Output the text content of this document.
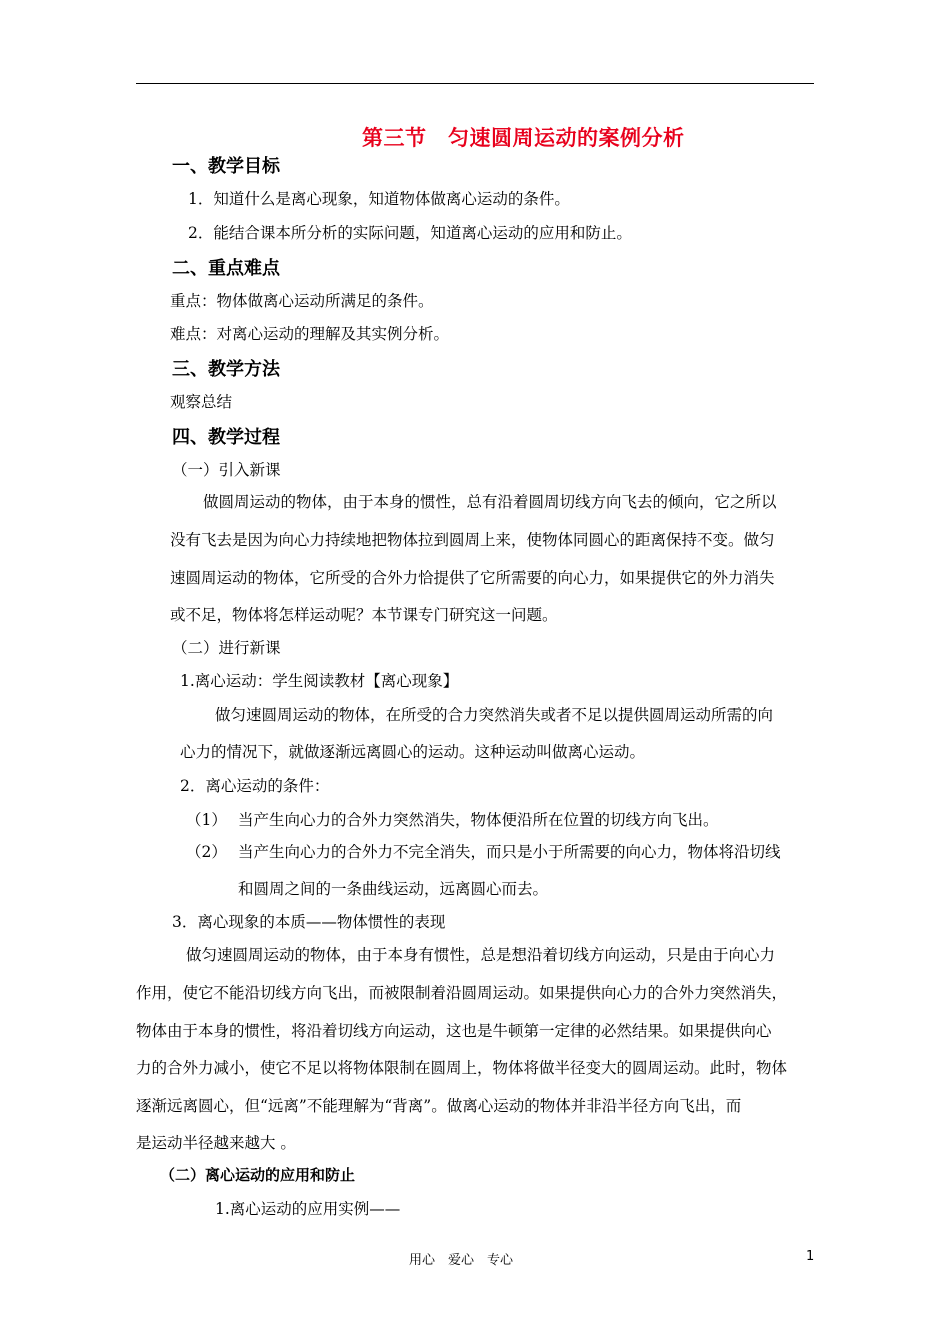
第三节　匀速圆周运动的案例分析
一、教学目标
1．知道什么是离心现象，知道物体做离心运动的条件。
2．能结合课本所分析的实际问题，知道离心运动的应用和防止。
二、重点难点
重点：物体做离心运动所满足的条件。
难点：对离心运动的理解及其实例分析。
三、教学方法
观察总结
四、教学过程
（一）引入新课
做圆周运动的物体，由于本身的惯性，总有沿着圆周切线方向飞去的倾向，它之所以
没有飞去是因为向心力持续地把物体拉到圆周上来，使物体同圆心的距离保持不变。做匀
速圆周运动的物体，它所受的合外力恰提供了它所需要的向心力，如果提供它的外力消失
或不足，物体将怎样运动呢？本节课专门研究这一问题。
（二）进行新课
1.离心运动：学生阅读教材【离心现象】
做匀速圆周运动的物体，在所受的合力突然消失或者不足以提供圆周运动所需的向
心力的情况下，就做逐渐远离圆心的运动。这种运动叫做离心运动。
2．离心运动的条件：
（1） 当产生向心力的合外力突然消失，物体便沿所在位置的切线方向飞出。
（2） 当产生向心力的合外力不完全消失，而只是小于所需要的向心力，物体将沿切线
和圆周之间的一条曲线运动，远离圆心而去。
3．离心现象的本质——物体惯性的表现
做匀速圆周运动的物体，由于本身有惯性，总是想沿着切线方向运动，只是由于向心力
作用，使它不能沿切线方向飞出，而被限制着沿圆周运动。如果提供向心力的合外力突然消失，
物体由于本身的惯性，将沿着切线方向运动，这也是牛顿第一定律的必然结果。如果提供向心
力的合外力减小，使它不足以将物体限制在圆周上，物体将做半径变大的圆周运动。此时，物体
逐渐远离圆心，但“远离”不能理解为“背离”。做离心运动的物体并非沿半径方向飞出，而
是运动半径越来越大 。
（二）离心运动的应用和防止
1.离心运动的应用实例——
用心　爱心　专心	1
